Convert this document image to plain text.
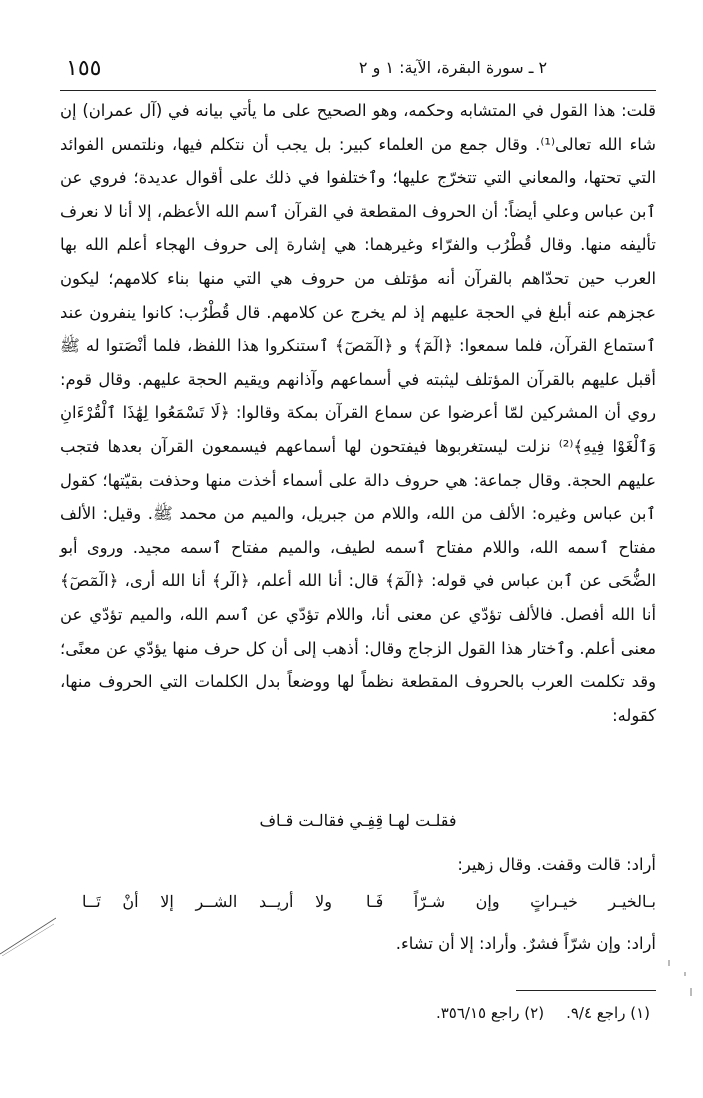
١٥٥	٢ ـ سورة البقرة، الآية: ١ و ٢

قلت: هذا القول في المتشابه وحكمه، وهو الصحيح على ما يأتي بيانه في (آل عمران) إن شاء الله تعالى⁽¹⁾. وقال جمع من العلماء كبير: بل يجب أن نتكلم فيها، ونلتمس الفوائد التي تحتها، والمعاني التي تتخرّج عليها؛ وٱختلفوا في ذلك على أقوال عديدة؛ فروي عن ٱبن عباس وعلي أيضاً: أن الحروف المقطعة في القرآن ٱسم الله الأعظم، إلا أنا لا نعرف تأليفه منها. وقال قُطْرُب والفرّاء وغيرهما: هي إشارة إلى حروف الهجاء أعلم الله بها العرب حين تحدّاهم بالقرآن أنه مؤتلف من حروف هي التي منها بناء كلامهم؛ ليكون عجزهم عنه أبلغ في الحجة عليهم إذ لم يخرج عن كلامهم. قال قُطْرُب: كانوا ينفرون عند ٱستماع القرآن، فلما سمعوا: ﴿الٓمٓ﴾ و ﴿الٓمٓصٓ﴾ ٱستنكروا هذا اللفظ، فلما أنْصَتوا له ﷺ أقبل عليهم بالقرآن المؤتلف ليثبته في أسماعهم وآذانهم ويقيم الحجة عليهم. وقال قوم: روي أن المشركين لمّا أعرضوا عن سماع القرآن بمكة وقالوا: ﴿لَا تَسْمَعُوا لِهَٰذَا ٱلْقُرْءَانِ وَٱلْغَوْا فِيهِ﴾⁽²⁾ نزلت ليستغربوها فيفتحون لها أسماعهم فيسمعون القرآن بعدها فتجب عليهم الحجة. وقال جماعة: هي حروف دالة على أسماء أخذت منها وحذفت بقيّتها؛ كقول ٱبن عباس وغيره: الألف من الله، واللام من جبريل، والميم من محمد ﷺ. وقيل: الألف مفتاح ٱسمه الله، واللام مفتاح ٱسمه لطيف، والميم مفتاح ٱسمه مجيد. وروى أبو الضُّحَى عن ٱبن عباس في قوله: ﴿الٓمٓ﴾ قال: أنا الله أعلم، ﴿الٓر﴾ أنا الله أرى، ﴿الٓمٓصٓ﴾ أنا الله أفصل. فالألف تؤدّي عن معنى أنا، واللام تؤدّي عن ٱسم الله، والميم تؤدّي عن معنى أعلم. وٱختار هذا القول الزجاج وقال: أذهب إلى أن كل حرف منها يؤدّي عن معنًى؛ وقد تكلمت العرب بالحروف المقطعة نظماً لها ووضعاً بدل الكلمات التي الحروف منها، كقوله:

فقلـت لهـا قِفِـي فقالـت قـاف
أراد: قالت وقفت. وقال زهير:
بـالخيـر خيـراتٍ وإن شـرّاً فَـا
ولا أريــد الشــر إلا أنْ تَــا
أراد: وإن شرّاً فشرٌ. وأراد: إلا أن تشاء.
(١) راجع ٩/٤.(٢) راجع ٣٥٦/١٥.
